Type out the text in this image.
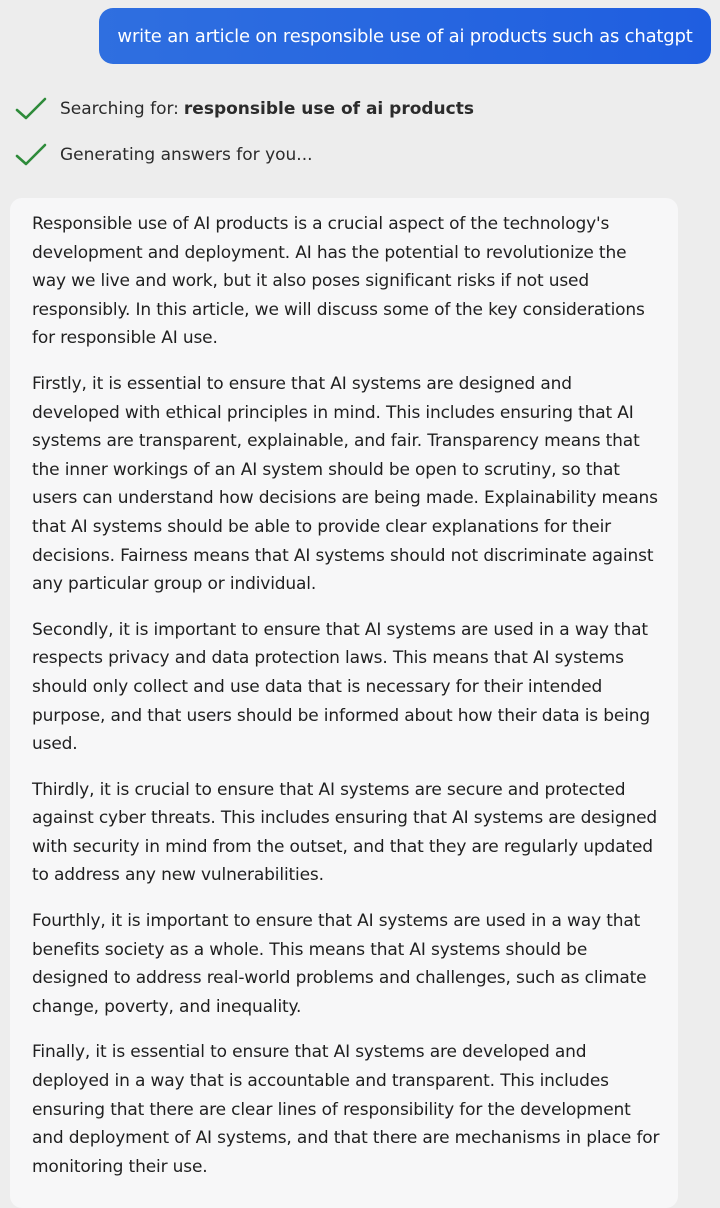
write an article on responsible use of ai products such as chatgpt
Searching for: responsible use of ai products
Generating answers for you...

Responsible use of AI products is a crucial aspect of the technology's development and deployment. AI has the potential to revolutionize the way we live and work, but it also poses significant risks if not used responsibly. In this article, we will discuss some of the key considerations for responsible AI use.

Firstly, it is essential to ensure that AI systems are designed and developed with ethical principles in mind. This includes ensuring that AI systems are transparent, explainable, and fair. Transparency means that the inner workings of an AI system should be open to scrutiny, so that users can understand how decisions are being made. Explainability means that AI systems should be able to provide clear explanations for their decisions. Fairness means that AI systems should not discriminate against any particular group or individual.

Secondly, it is important to ensure that AI systems are used in a way that respects privacy and data protection laws. This means that AI systems should only collect and use data that is necessary for their intended purpose, and that users should be informed about how their data is being used.

Thirdly, it is crucial to ensure that AI systems are secure and protected against cyber threats. This includes ensuring that AI systems are designed with security in mind from the outset, and that they are regularly updated to address any new vulnerabilities.

Fourthly, it is important to ensure that AI systems are used in a way that benefits society as a whole. This means that AI systems should be designed to address real-world problems and challenges, such as climate change, poverty, and inequality.

Finally, it is essential to ensure that AI systems are developed and deployed in a way that is accountable and transparent. This includes ensuring that there are clear lines of responsibility for the development and deployment of AI systems, and that there are mechanisms in place for monitoring their use.
